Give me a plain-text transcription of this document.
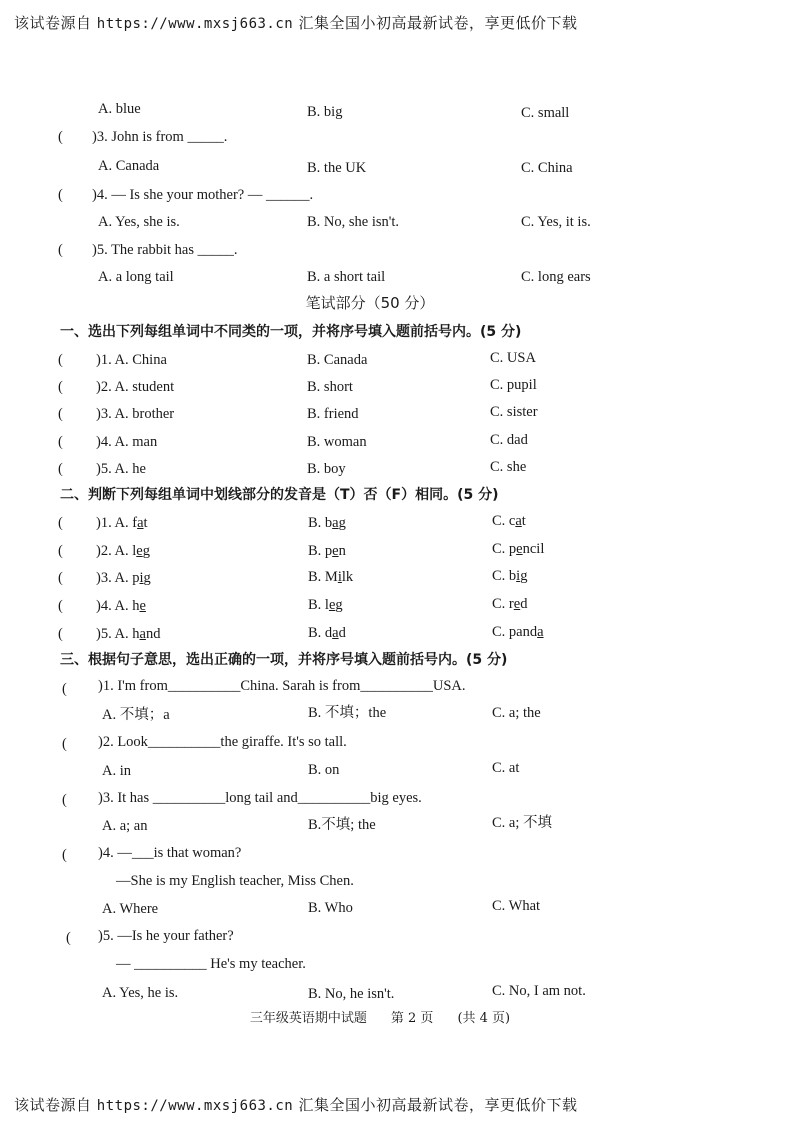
该试卷源自 https://www.mxsj663.cn 汇集全国小初高最新试卷，享更低价下载
A. blue	B. big	C. small
( )3. John is from _____.
A. Canada	B. the UK	C. China
( )4. — Is she your mother? — ______.
A. Yes, she is.	B. No, she isn't.	C. Yes, it is.
( )5. The rabbit has _____.
A. a long tail	B. a short tail	C. long ears
笔试部分（50 分）
一、选出下列每组单词中不同类的一项，并将序号填入题前括号内。(5 分)
( )1. A. China	B. Canada	C. USA
( )2. A. student	B. short	C. pupil
( )3. A. brother	B. friend	C. sister
( )4. A. man	B. woman	C. dad
( )5. A. he	B. boy	C. she
二、判断下列每组单词中划线部分的发音是（T）否（F）相同。(5 分)
( )1. A. fat	B. bag	C. cat
( )2. A. leg	B. pen	C. pencil
( )3. A. pig	B. Milk	C. big
( )4. A. he	B. leg	C. red
( )5. A. hand	B. dad	C. panda
三、根据句子意思，选出正确的一项，并将序号填入题前括号内。(5 分)
( )1. I'm from__________China. Sarah is from__________USA.
A. 不填；a	B. 不填；the	C. a; the
( )2. Look__________the giraffe. It's so tall.
A. in	B. on	C. at
( )3. It has __________long tail and__________big eyes.
A. a; an	B.不填; the	C. a; 不填
( )4. —___is that woman?
—She is my English teacher, Miss Chen.
A. Where	B. Who	C. What
( )5. —Is he your father?
— __________ He's my teacher.
A. Yes, he is.	B. No, he isn't.	C. No, I am not.
三年级英语期中试题 第 2 页 (共 4 页)
该试卷源自 https://www.mxsj663.cn 汇集全国小初高最新试卷，享更低价下载
